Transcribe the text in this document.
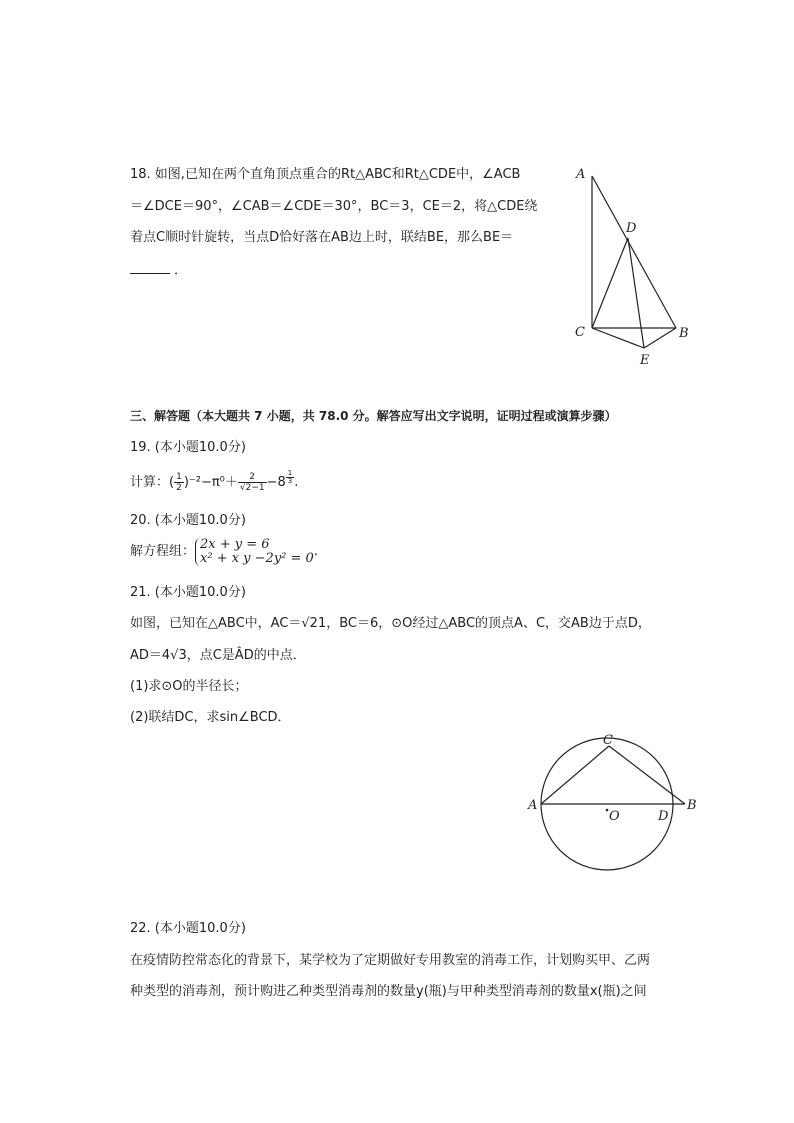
18. 如图,已知在两个直角顶点重合的Rt△ABC和Rt△CDE中，∠ACB
＝∠DCE＝90°，∠CAB＝∠CDE＝30°，BC＝3，CE＝2，将△CDE绕
着点C顺时针旋转，当点D恰好落在AB边上时，联结BE，那么BE＝
．
A
D
C	B
E
三、解答题（本大题共 7 小题，共 78.0 分。解答应写出文字说明，证明过程或演算步骤）
19. (本小题10.0分)
计算：( $\frac{1}{2} )^{-2}-\pi^0+ \frac{2}{√2-1} -8 \frac{1}{3}$ .
20. (本小题10.0分)
解方程组： 2x + y = 6
x² + x y −2y² = 0 .
21. (本小题10.0分)
如图，已知在△ABC中，AC＝√21，BC＝6，⊙O经过△ABC的顶点A、C，交AB边于点D，
AD＝4√3，点C是ÂD的中点．
(1)求⊙O的半径长；
(2)联结DC，求sin∠BCD．
C
A
O	D
B
22. (本小题10.0分)
在疫情防控常态化的背景下，某学校为了定期做好专用教室的消毒工作，计划购买甲、乙两
种类型的消毒剂，预计购进乙种类型消毒剂的数量y(瓶)与甲种类型消毒剂的数量x(瓶)之间
